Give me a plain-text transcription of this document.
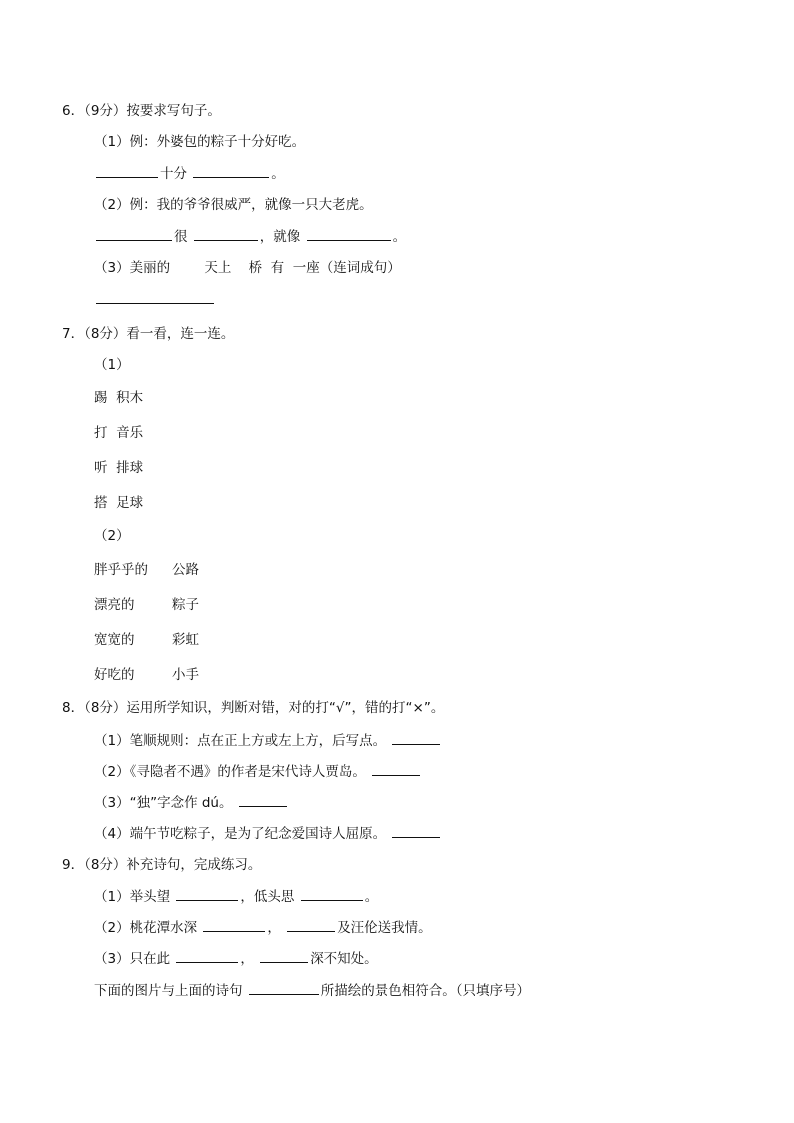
6．（9分）按要求写句子。
（1）例：外婆包的粽子十分好吃。
十分	。
（2）例：我的爷爷很威严，就像一只大老虎。
很	，就像	。
（3）美丽的        天上    桥  有  一座（连词成句）
7．（8分）看一看，连一连。
（1）
踢  积木
打  音乐
听  排球
搭  足球
（2）
胖乎乎的 公路
漂亮的	粽子
宽宽的	彩虹
好吃的	小手
8．（8分）运用所学知识，判断对错，对的打“√”，错的打“×”。
（1）笔顺规则：点在正上方或左上方，后写点。
（2）《寻隐者不遇》的作者是宋代诗人贾岛。
（3）“独”字念作 dú。
（4）端午节吃粽子，是为了纪念爱国诗人屈原。
9．（8分）补充诗句，完成练习。
（1）举头望	，低头思	。
（2）桃花潭水深	，	及汪伦送我情。
（3）只在此	，	深不知处。
下面的图片与上面的诗句	所描绘的景色相符合。（只填序号）
